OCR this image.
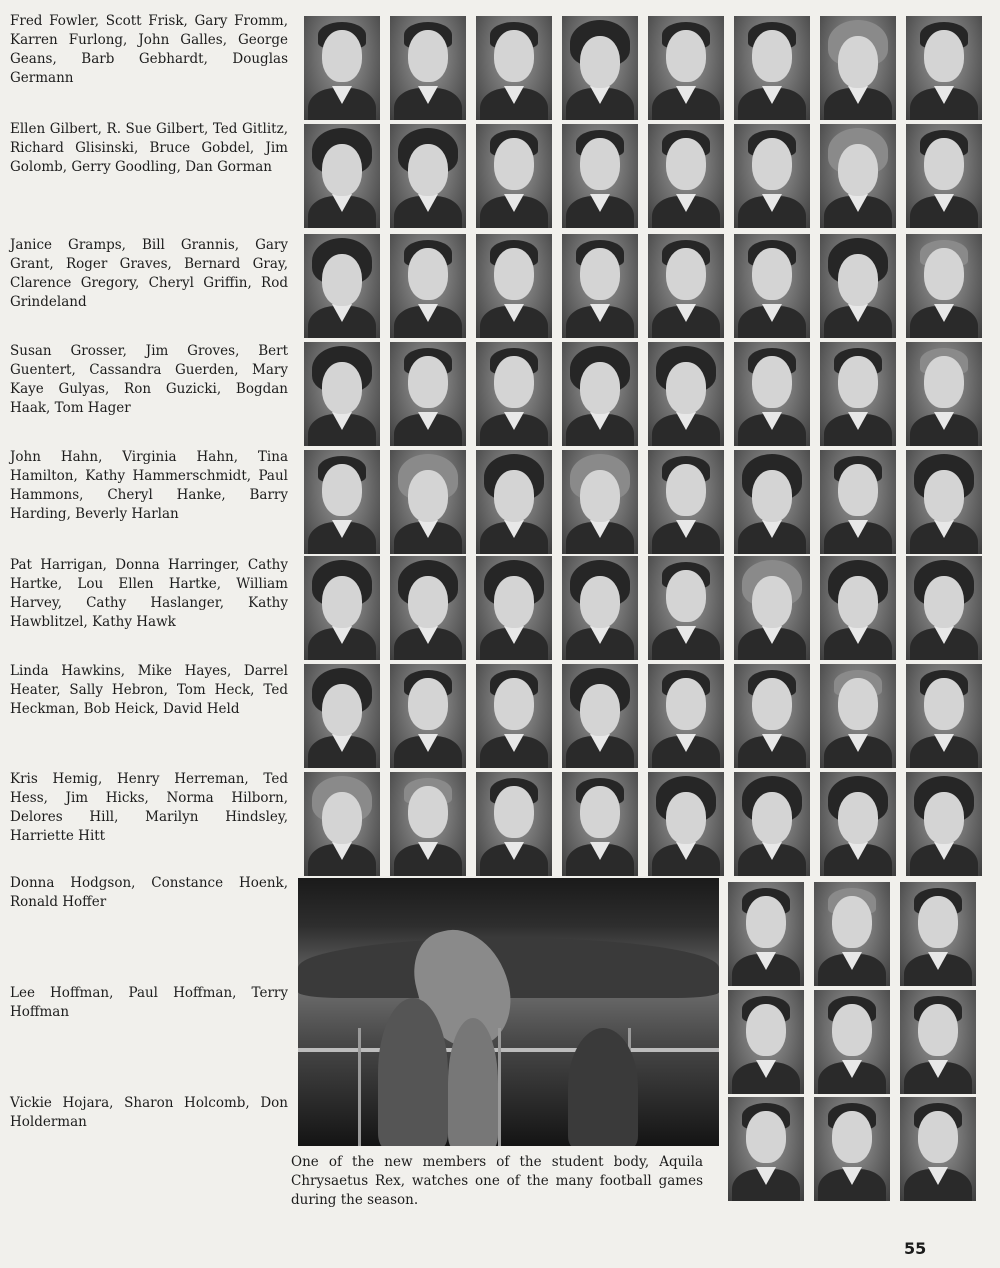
Fred Fowler, Scott Frisk, Gary Fromm, Karren Furlong, John Galles, George Geans, Barb Gebhardt, Douglas Germann
Ellen Gilbert, R. Sue Gilbert, Ted Gitlitz, Richard Glisinski, Bruce Gobdel, Jim Golomb, Gerry Goodling, Dan Gorman
Janice Gramps, Bill Grannis, Gary Grant, Roger Graves, Bernard Gray, Clarence Gregory, Cheryl Griffin, Rod Grindeland
Susan Grosser, Jim Groves, Bert Guentert, Cassandra Guerden, Mary Kaye Gulyas, Ron Guzicki, Bogdan Haak, Tom Hager
John Hahn, Virginia Hahn, Tina Hamilton, Kathy Hammerschmidt, Paul Hammons, Cheryl Hanke, Barry Harding, Beverly Harlan
Pat Harrigan, Donna Harringer, Cathy Hartke, Lou Ellen Hartke, William Harvey, Cathy Haslanger, Kathy Hawblitzel, Kathy Hawk
Linda Hawkins, Mike Hayes, Darrel Heater, Sally Hebron, Tom Heck, Ted Heckman, Bob Heick, David Held
Kris Hemig, Henry Herreman, Ted Hess, Jim Hicks, Norma Hilborn, Delores Hill, Marilyn Hindsley, Harriette Hitt
Donna Hodgson, Constance Hoenk, Ronald Hoffer
Lee Hoffman, Paul Hoffman, Terry Hoffman
Vickie Hojara, Sharon Holcomb, Don Holderman
One of the new members of the student body, Aquila Chrysaetus Rex, watches one of the many football games during the season.
55
